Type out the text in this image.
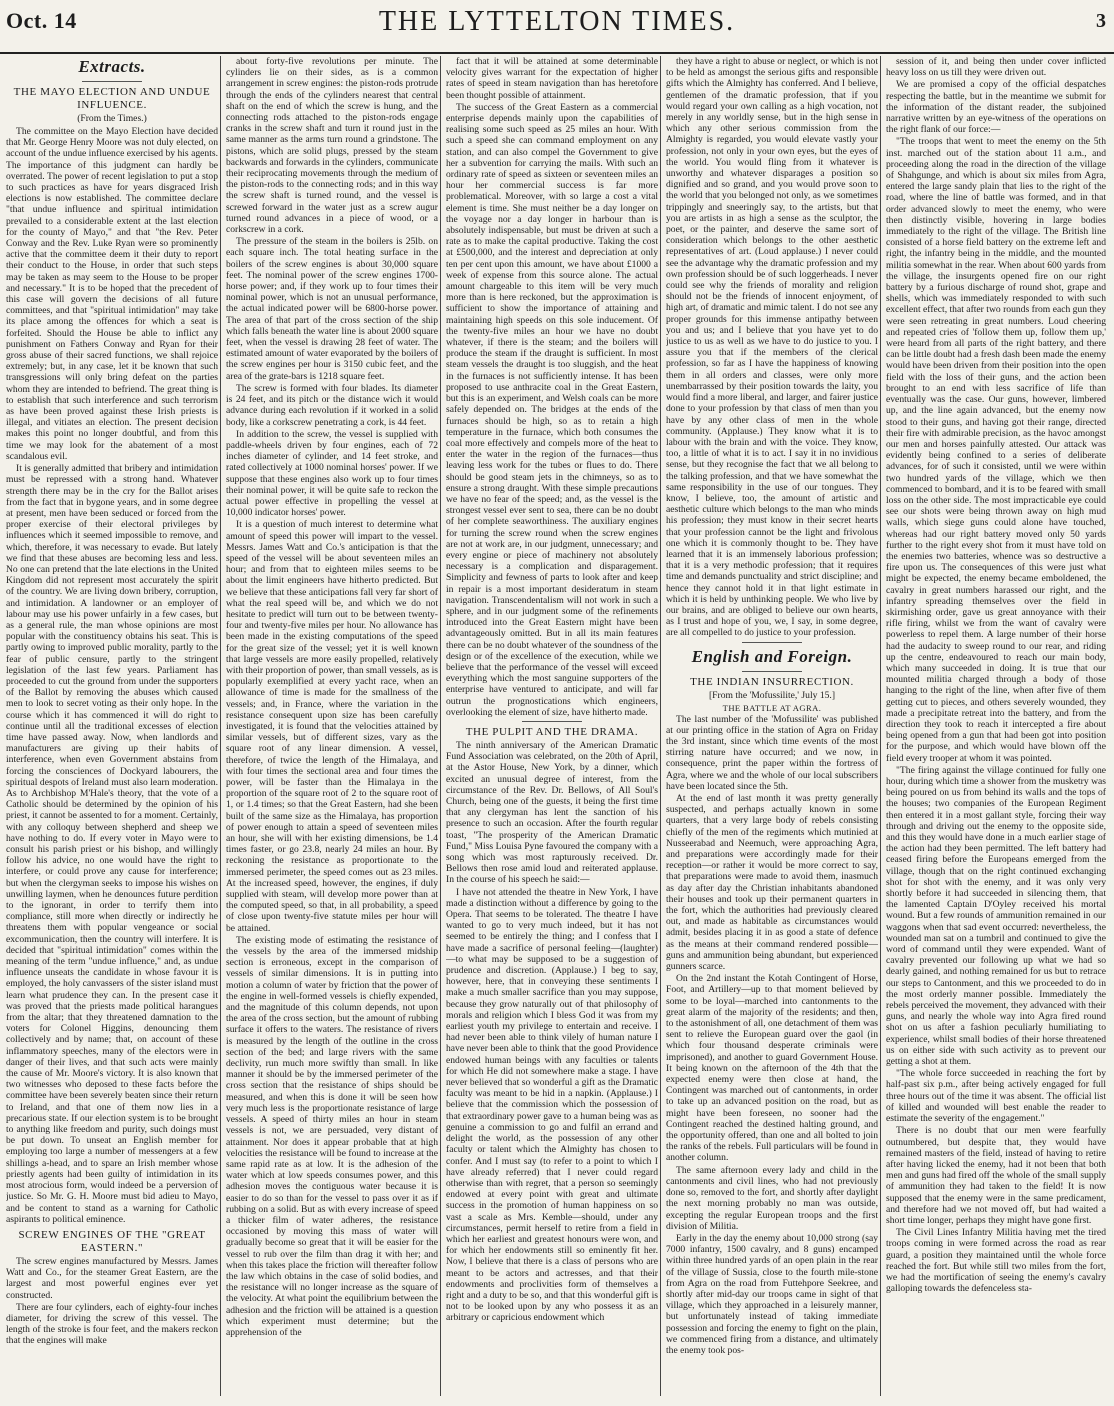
Oct. 14	THE LYTTELTON TIMES.	3
Extracts.
THE MAYO ELECTION AND UNDUE INFLUENCE.
(From the Times.)

The committee on the Mayo Election have decided that Mr. George Henry Moore was not duly elected, on account of the undue influence exercised by his agents. The importance of this judgment can hardly be overrated. The power of recent legislation to put a stop to such practices as have for years disgraced Irish elections is now established. The committee declare "that undue influence and spiritual intimidation prevailed to a considerable extent at the last election for the county of Mayo," and that "the Rev. Peter Conway and the Rev. Luke Ryan were so prominently active that the committee deem it their duty to report their conduct to the House, in order that such steps may be taken as may seem to the House to be proper and necessary." It is to be hoped that the precedent of this case will govern the decisions of all future committees, and that "spiritual intimidation" may take its place among the offences for which a seat is forfeited. Should the House be able to inflict any punishment on Fathers Conway and Ryan for their gross abuse of their sacred functions, we shall rejoice extremely; but, in any case, let it be known that such transgressions will only bring defeat on the parties whom they are intended to befriend. The great thing is to establish that such interference and such terrorism as have been proved against these Irish priests is illegal, and vitiates an election. The present decision makes this point no longer doubtful, and from this time we may look for the abatement of a most scandalous evil.

It is generally admitted that bribery and intimidation must be repressed with a strong hand. Whatever strength there may be in the cry for the Ballot arises from the fact that in bygone years, and in some degree at present, men have been seduced or forced from the proper exercise of their electoral privileges by influences which it seemed impossible to remove, and which, therefore, it was necessary to evade. But lately we find that these abuses are becoming less and less. No one can pretend that the late elections in the United Kingdom did not represent most accurately the spirit of the country. We are living down bribery, corruption, and intimidation. A landowner or an employer of labour may use his power unfairly in a few cases, but as a general rule, the man whose opinions are most popular with the constituency obtains his seat. This is partly owing to improved public morality, partly to the fear of public censure, partly to the stringent legislation of the last few years. Parliament has proceeded to cut the ground from under the supporters of the Ballot by removing the abuses which caused men to look to secret voting as their only hope. In the course which it has commenced it will do right to continue until all the traditional excesses of election time have passed away. Now, when landlords and manufacturers are giving up their habits of interference, when even Government abstains from forcing the consciences of Dockyard labourers, the spiritual despots of Ireland must also learn moderation. As to Archbishop M'Hale's theory, that the vote of a Catholic should be determined by the opinion of his priest, it cannot be assented to for a moment. Certainly, with any colloquy between shepherd and sheep we have nothing to do. If every voter in Mayo were to consult his parish priest or his bishop, and willingly follow his advice, no one would have the right to interfere, or could prove any cause for interference; but when the clergyman seeks to impose his wishes on unwilling laymen, when he denounces future perdition to the ignorant, in order to terrify them into compliance, still more when directly or indirectly he threatens them with popular vengeance or social excommunication, then the country will interfere. It is decided that "spiritual intimidation" comes within the meaning of the term "undue influence," and, as undue influence unseats the candidate in whose favour it is employed, the holy canvassers of the sister island must learn what prudence they can. In the present case it was proved that the priests made political harangues from the altar; that they threatened damnation to the voters for Colonel Higgins, denouncing them collectively and by name; that, on account of these inflammatory speeches, many of the electors were in danger of their lives, and that such acts were mainly the cause of Mr. Moore's victory. It is also known that two witnesses who deposed to these facts before the committee have been severely beaten since their return to Ireland, and that one of them now lies in a precarious state. If our election system is to be brought to anything like freedom and purity, such doings must be put down. To unseat an English member for employing too large a number of messengers at a few shillings a-head, and to spare an Irish member whose priestly agents had been guilty of intimidation in its most atrocious form, would indeed be a perversion of justice. So Mr. G. H. Moore must bid adieu to Mayo, and be content to stand as a warning for Catholic aspirants to political eminence.

SCREW ENGINES OF THE "GREAT EASTERN."

The screw engines manufactured by Messrs. James Watt and Co., for the steamer Great Eastern, are the largest and most powerful engines ever yet constructed.

There are four cylinders, each of eighty-four inches diameter, for driving the screw of this vessel. The length of the stroke is four feet, and the makers reckon that the engines will make

about forty-five revolutions per minute. The cylinders lie on their sides, as is a common arrangement in screw engines: the piston-rods protrude through the ends of the cylinders nearest that central shaft on the end of which the screw is hung, and the connecting rods attached to the piston-rods engage cranks in the screw shaft and turn it round just in the same manner as the arms turn round a grindstone. The pistons, which are solid plugs, pressed by the steam backwards and forwards in the cylinders, communicate their reciprocating movements through the medium of the piston-rods to the connecting rods; and in this way the screw shaft is turned round, and the vessel is screwed forward in the water just as a screw augur turned round advances in a piece of wood, or a corkscrew in a cork.

The pressure of the steam in the boilers is 25lb. on each square inch. The total heating surface in the boilers of the screw engines is about 30,000 square feet. The nominal power of the screw engines 1700-horse power; and, if they work up to four times their nominal power, which is not an unusual performance, the actual indicated power will be 6800-horse power. The area of that part of the cross section of the ship which falls beneath the water line is about 2000 square feet, when the vessel is drawing 28 feet of water. The estimated amount of water evaporated by the boilers of the screw engines per hour is 3150 cubic feet, and the area of the grate-bars is 1218 square feet.

The screw is formed with four blades. Its diameter is 24 feet, and its pitch or the distance wich it would advance during each revolution if it worked in a solid body, like a corkscrew penetrating a cork, is 44 feet.

In addition to the screw, the vessel is supplied with paddle-wheels driven by four engines, each of 72 inches diameter of cylinder, and 14 feet stroke, and rated collectively at 1000 nominal horses' power. If we suppose that these engines also work up to four times their nominal power, it will be quite safe to reckon the actual power effective in propelling the vessel at 10,000 indicator horses' power.

It is a question of much interest to determine what amount of speed this power will impart to the vessel. Messrs. James Watt and Co.'s anticipation is that the speed of the vessel will be about seventeen miles an hour; and from that to eighteen miles seems to be about the limit engineers have hitherto predicted. But we believe that these anticipations fall very far short of what the real speed will be, and which we do not hesitate to predict will turn out to be between twenty-four and twenty-five miles per hour. No allowance has been made in the existing computations of the speed for the great size of the vessel; yet it is well known that large vessels are more easily propelled, relatively with their proportion of power, than small vessels, as is popularly exemplified at every yacht race, when an allowance of time is made for the smallness of the vessels; and, in France, where the variation in the resistance consequent upon size has been carefully investigated, it is found that the velocities attained by similar vessels, but of different sizes, vary as the square root of any linear dimension. A vessel, therefore, of twice the length of the Himalaya, and with four times the sectional area and four times the power, will be faster than the Himalaya in the proportion of the square root of 2 to the square root of 1, or 1.4 times; so that the Great Eastern, had she been built of the same size as the Himalaya, has proportion of power enough to attain a speed of seventeen miles an hour, she will with her existing dimensions, be 1.4 times faster, or go 23.8, nearly 24 miles an hour. By reckoning the resistance as proportionate to the immersed perimeter, the speed comes out as 23 miles. At the increased speed, however, the engines, if duly supplied with steam, will develop more power than at the computed speed, so that, in all probability, a speed of close upon twenty-five statute miles per hour will be attained.

The existing mode of estimating the resistance of the vessels by the area of the immersed midship section is erroneous, except in the comparison of vessels of similar dimensions. It is in putting into motion a column of water by friction that the power of the engine in well-formed vessels is chiefly expended, and the magnitude of this column depends, not upon the area of the cross section, but the amount of rubbing surface it offers to the waters. The resistance of rivers is measured by the length of the outline in the cross section of the bed; and large rivers with the same declivity, run much more swiftly than small. In like manner it should be by the immersed perimeter of the cross section that the resistance of ships should be measured, and when this is done it will be seen how very much less is the proportionate resistance of large vessels. A speed of thirty miles an hour in steam vessels is not, we are persuaded, very distant of attainment. Nor does it appear probable that at high velocities the resistance will be found to increase at the same rapid rate as at low. It is the adhesion of the water which at low speeds consumes power, and this adhesion moves the contiguous water because it is easier to do so than for the vessel to pass over it as if rubbing on a solid. But as with every increase of speed a thicker film of water adheres, the resistance occasioned by moving this mass of water will gradually become so great that it will be easier for the vessel to rub over the film than drag it with her; and when this takes place the friction will thereafter follow the law which obtains in the case of solid bodies, and the resistance will no longer increase as the square of the velocity. At what point the equilibrium between the adhesion and the friction will be attained is a question which experiment must determine; but the apprehension of the

fact that it will be attained at some determinable velocity gives warrant for the expectation of higher rates of speed in steam navigation than has heretofore been thought possible of attainment.

The success of the Great Eastern as a commercial enterprise depends mainly upon the capabilities of realising some such speed as 25 miles an hour. With such a speed she can command employment on any station, and can also compel the Government to give her a subvention for carrying the mails. With such an ordinary rate of speed as sixteen or seventeen miles an hour her commercial success is far more problematical. Moreover, with so large a cost a vital element is time. She must neither be a day longer on the voyage nor a day longer in harbour than is absolutely indispensable, but must be driven at such a rate as to make the capital productive. Taking the cost at £500,000, and the interest and depreciation at only ten per cent upon this amount, we have about £1000 a week of expense from this source alone. The actual amount chargeable to this item will be very much more than is here reckoned, but the approximation is sufficient to show the importance of attaining and maintaining high speeds on this sole inducement. Of the twenty-five miles an hour we have no doubt whatever, if there is the steam; and the boilers will produce the steam if the draught is sufficient. In most steam vessels the draught is too sluggish, and the heat in the furnaces is not sufficiently intense. It has been proposed to use anthracite coal in the Great Eastern, but this is an experiment, and Welsh coals can be more safely depended on. The bridges at the ends of the furnaces should be high, so as to retain a high temperature in the furnace, which both consumes the coal more effectively and compels more of the heat to enter the water in the region of the furnaces—thus leaving less work for the tubes or flues to do. There should be good steam jets in the chimneys, so as to ensure a strong draught. With these simple precautions we have no fear of the speed; and, as the vessel is the strongest vessel ever sent to sea, there can be no doubt of her complete seaworthiness. The auxiliary engines for turning the screw round when the screw engines are not at work are, in our judgment, unnecessary; and every engine or piece of machinery not absolutely necessary is a complication and disparagement. Simplicity and fewness of parts to look after and keep in repair is a most important desideratum in steam navigation. Transcendentalism will not work in such a sphere, and in our judgment some of the refinements introduced into the Great Eastern might have been advantageously omitted. But in all its main features there can be no doubt whatever of the soundness of the design or of the excellence of the execution, while we believe that the performance of the vessel will exceed everything which the most sanguine supporters of the enterprise have ventured to anticipate, and will far outrun the prognostications which engineers, overlooking the element of size, have hitherto made.

THE PULPIT AND THE DRAMA.

The ninth anniversary of the American Dramatic Fund Association was celebrated, on the 20th of April, at the Astor House, New York, by a dinner, which excited an unusual degree of interest, from the circumstance of the Rev. Dr. Bellows, of All Soul's Church, being one of the guests, it being the first time that any clergyman has lent the sanction of his presence to such an occasion. After the fourth regular toast, "The prosperity of the American Dramatic Fund," Miss Louisa Pyne favoured the company with a song which was most rapturously received. Dr. Bellows then rose amid loud and reiterated applause. In the course of his speech he said:—

I have not attended the theatre in New York, I have made a distinction without a difference by going to the Opera. That seems to be tolerated. The theatre I have wanted to go to very much indeed, but it has not seemed to be entirely the thing; and I confess that I have made a sacrifice of personal feeling—(laughter)—to what may be supposed to be a suggestion of prudence and discretion. (Applause.) I beg to say, however, here, that in conveying these sentiments I make a much smaller sacrifice than you may suppose, because they grow naturally out of that philosophy of morals and religion which I bless God it was from my earliest youth my privilege to entertain and receive. I had never been able to think vilely of human nature I have never been able to think that the good Providence endowed human beings with any faculties or talents for which He did not somewhere make a stage. I have never believed that so wonderful a gift as the Dramatic faculty was meant to be hid in a napkin. (Applause.) I believe that the commission which the possession of that extraordinary power gave to a human being was as genuine a commission to go and fulfil an errand and delight the world, as the possession of any other faculty or talent which the Almighty has chosen to confer. And I must say (to refer to a point to which I have already referred) that I never could regard otherwise than with regret, that a person so seemingly endowed at every point with great and ultimate success in the promotion of human happiness on so vast a scale as Mrs. Kemble—should, under any circumstances, permit herself to retire from a field in which her earliest and greatest honours were won, and for which her endowments still so eminently fit her. Now, I believe that there is a class of persons who are meant to be actors and actresses, and that their endowments and proclivities form of themselves a right and a duty to be so, and that this wonderful gift is not to be looked upon by any who possess it as an arbitrary or capricious endowment which

they have a right to abuse or neglect, or which is not to be held as amongst the serious gifts and responsible gifts which the Almighty has conferred. And I believe, gentlemen of the dramatic profession, that if you would regard your own calling as a high vocation, not merely in any worldly sense, but in the high sense in which any other serious commission from the Almighty is regarded, you would elevate vastly your profession, not only in your own eyes, but the eyes of the world. You would fling from it whatever is unworthy and whatever disparages a position so dignified and so grand, and you would prove soon to the world that you belonged not only, as we sometimes trippingly and sneeringly say, to the artists, but that you are artists in as high a sense as the sculptor, the poet, or the painter, and deserve the same sort of consideration which belongs to the other aesthetic representatives of art. (Loud applause.) I never could see the advantage why the dramatic profession and my own profession should be of such loggerheads. I never could see why the friends of morality and religion should not be the friends of innocent enjoyment, of high art, of dramatic and mimic talent. I do not see any proper grounds for this immense antipathy between you and us; and I believe that you have yet to do justice to us as well as we have to do justice to you. I assure you that if the members of the clerical profession, so far as I have the happiness of knowing them in all orders and classes, were only more unembarrassed by their position towards the laity, you would find a more liberal, and larger, and fairer justice done to your profession by that class of men than you have by any other class of men in the whole community. (Applause.) They know what it is to labour with the brain and with the voice. They know, too, a little of what it is to act. I say it in no invidious sense, but they recognise the fact that we all belong to the talking profession, and that we have somewhat the same responsibility in the use of our tongues. They know, I believe, too, the amount of artistic and aesthetic culture which belongs to the man who minds his profession; they must know in their secret hearts that your profession cannot be the light and frivolous one which it is commonly thought to be. They have learned that it is an immensely laborious profession; that it is a very methodic profession; that it requires time and demands punctuality and strict discipline; and hence they cannot hold it in that light estimate in which it is held by unthinking people. We who live by our brains, and are obliged to believe our own hearts, as I trust and hope of you, we, I say, in some degree, are all compelled to do justice to your profession.

English and Foreign.
THE INDIAN INSURRECTION.
[From the 'Mofussilite,' July 15.]
THE BATTLE AT AGRA.

The last number of the 'Mofussilite' was published at our printing office in the station of Agra on Friday the 3rd instant, since which time events of the most stirring nature have occurred; and we now, in consequence, print the paper within the fortress of Agra, where we and the whole of our local subscribers have been located since the 5th.

At the end of last month it was pretty generally suspected, and perhaps actually known in some quarters, that a very large body of rebels consisting chiefly of the men of the regiments which mutinied at Nusseerabad and Neemuch, were approaching Agra, and preparations were accordingly made for their reception—or rather it would be more correct to say, that preparations were made to avoid them, inasmuch as day after day the Christian inhabitants abandoned their houses and took up their permanent quarters in the fort, which the authorities had previously cleared out, and made as habitable as circumstances would admit, besides placing it in as good a state of defence as the means at their command rendered possible—guns and ammunition being abundant, but experienced gunners scarce.

On the 2nd instant the Kotah Contingent of Horse, Foot, and Artillery—up to that moment believed by some to be loyal—marched into cantonments to the great alarm of the majority of the residents; and then, to the astonishment of all, one detachment of them was sent to relieve the European guard over the gaol (in which four thousand desperate criminals were imprisoned), and another to guard Government House. It being known on the afternoon of the 4th that the expected enemy were then close at hand, the Contingent was marched out of cantonments, in order to take up an advanced position on the road, but as might have been foreseen, no sooner had the Contingent reached the destined halting ground, and the opportunity offered, than one and all bolted to join the ranks of the rebels. Full particulars will be found in another column.

The same afternoon every lady and child in the cantonments and civil lines, who had not previously done so, removed to the fort, and shortly after daylight the next morning probably no man was outside, excepting the regular European troops and the first division of Militia.

Early in the day the enemy about 10,000 strong (say 7000 infantry, 1500 cavalry, and 8 guns) encamped within three hundred yards of an open plain in the rear of the village of Sussia, close to the fourth mile-stone from Agra on the road from Futtehpore Seekree, and shortly after mid-day our troops came in sight of that village, which they approached in a leisurely manner, but unfortunately instead of taking immediate possession and forcing the enemy to fight on the plain, we commenced firing from a distance, and ultimately the enemy took pos-

session of it, and being then under cover inflicted heavy loss on us till they were driven out.

We are promised a copy of the official despatches respecting the battle, but in the meantime we submit for the information of the distant reader, the subjoined narrative written by an eye-witness of the operations on the right flank of our force:—

"The troops that went to meet the enemy on the 5th inst. marched out of the station about 11 a.m., and proceeding along the road in the direction of the village of Shahgunge, and which is about six miles from Agra, entered the large sandy plain that lies to the right of the road, where the line of battle was formed, and in that order advanced slowly to meet the enemy, who were then distinctly visible, hovering in large bodies immediately to the right of the village. The British line consisted of a horse field battery on the extreme left and right, the infantry being in the middle, and the mounted militia somewhat in the rear. When about 600 yards from the village, the insurgents opened fire on our right battery by a furious discharge of round shot, grape and shells, which was immediately responded to with such excellent effect, that after two rounds from each gun they were seen retreating in great numbers. Loud cheering and repeated cries of 'follow them up, follow them up,' were heard from all parts of the right battery, and there can be little doubt had a fresh dash been made the enemy would have been driven from their position into the open field with the loss of their guns, and the action been brought to an end with less sacrifice of life than eventually was the case. Our guns, however, limbered up, and the line again advanced, but the enemy now stood to their guns, and having got their range, directed their fire with admirable precision, as the havoc amongst our men and horses painfully attested. Our attack was evidently being confined to a series of deliberate advances, for of such it consisted, until we were within two hundred yards of the village, which we then commenced to bombard, and it is to be feared with small loss on the other side. The most impracticable eye could see our shots were being thrown away on high mud walls, which siege guns could alone have touched, whereas had our right battery moved only 50 yards further to the right every shot from it must have told on the enemies two batteries, whence was so destructive a fire upon us. The consequences of this were just what might be expected, the enemy became emboldened, the cavalry in great numbers harassed our right, and the infantry spreading themselves over the field in skirmishing order, gave us great annoyance with their rifle firing, whilst we from the want of cavalry were powerless to repel them. A large number of their horse had the audacity to sweep round to our rear, and riding up the centre, endeavoured to reach our main body, which many succeeded in doing. It is true that our mounted militia charged through a body of those hanging to the right of the line, when after five of them getting cut to pieces, and others severely wounded, they made a precipitate retreat into the battery, and from the direction they took to reach it intercepted a fire about being opened from a gun that had been got into position for the purpose, and which would have blown off the field every trooper at whom it was pointed.

"The firing against the village continued for fully one hour, during which time a shower from the musketry was being poured on us from behind its walls and the tops of the houses; two companies of the European Regiment then entered it in a most gallant style, forcing their way through and driving out the enemy to the opposite side, and this they would have done in a much earlier stage of the action had they been permitted. The left battery had ceased firing before the Europeans emerged from the village, though that on the right continued exchanging shot for shot with the enemy, and it was only very shortly before it had succeeded in silencing them, that the lamented Captain D'Oyley received his mortal wound. But a few rounds of ammunition remained in our waggons when that sad event occurred: nevertheless, the wounded man sat on a tumbril and continued to give the word of command until they were expended. Want of cavalry prevented our following up what we had so dearly gained, and nothing remained for us but to retrace our steps to Cantonment, and this we proceeded to do in the most orderly manner possible. Immediately the rebels perceived the movement, they advanced with their guns, and nearly the whole way into Agra fired round shot on us after a fashion peculiarly humiliating to experience, whilst small bodies of their horse threatened us on either side with such activity as to prevent our getting a shot at them.

"The whole force succeeded in reaching the fort by half-past six p.m., after being actively engaged for full three hours out of the time it was absent. The official list of killed and wounded will best enable the reader to estimate the severity of the engagement."

There is no doubt that our men were fearfully outnumbered, but despite that, they would have remained masters of the field, instead of having to retire after having licked the enemy, had it not been that both men and guns had fired off the whole of the small supply of ammunition they had taken to the field! It is now supposed that the enemy were in the same predicament, and therefore had we not moved off, but had waited a short time longer, perhaps they might have gone first.

The Civil Lines Infantry Militia having met the tired troops coming in were formed across the road as rear guard, a position they maintained until the whole force reached the fort. But while still two miles from the fort, we had the mortification of seeing the enemy's cavalry galloping towards the defenceless sta-
